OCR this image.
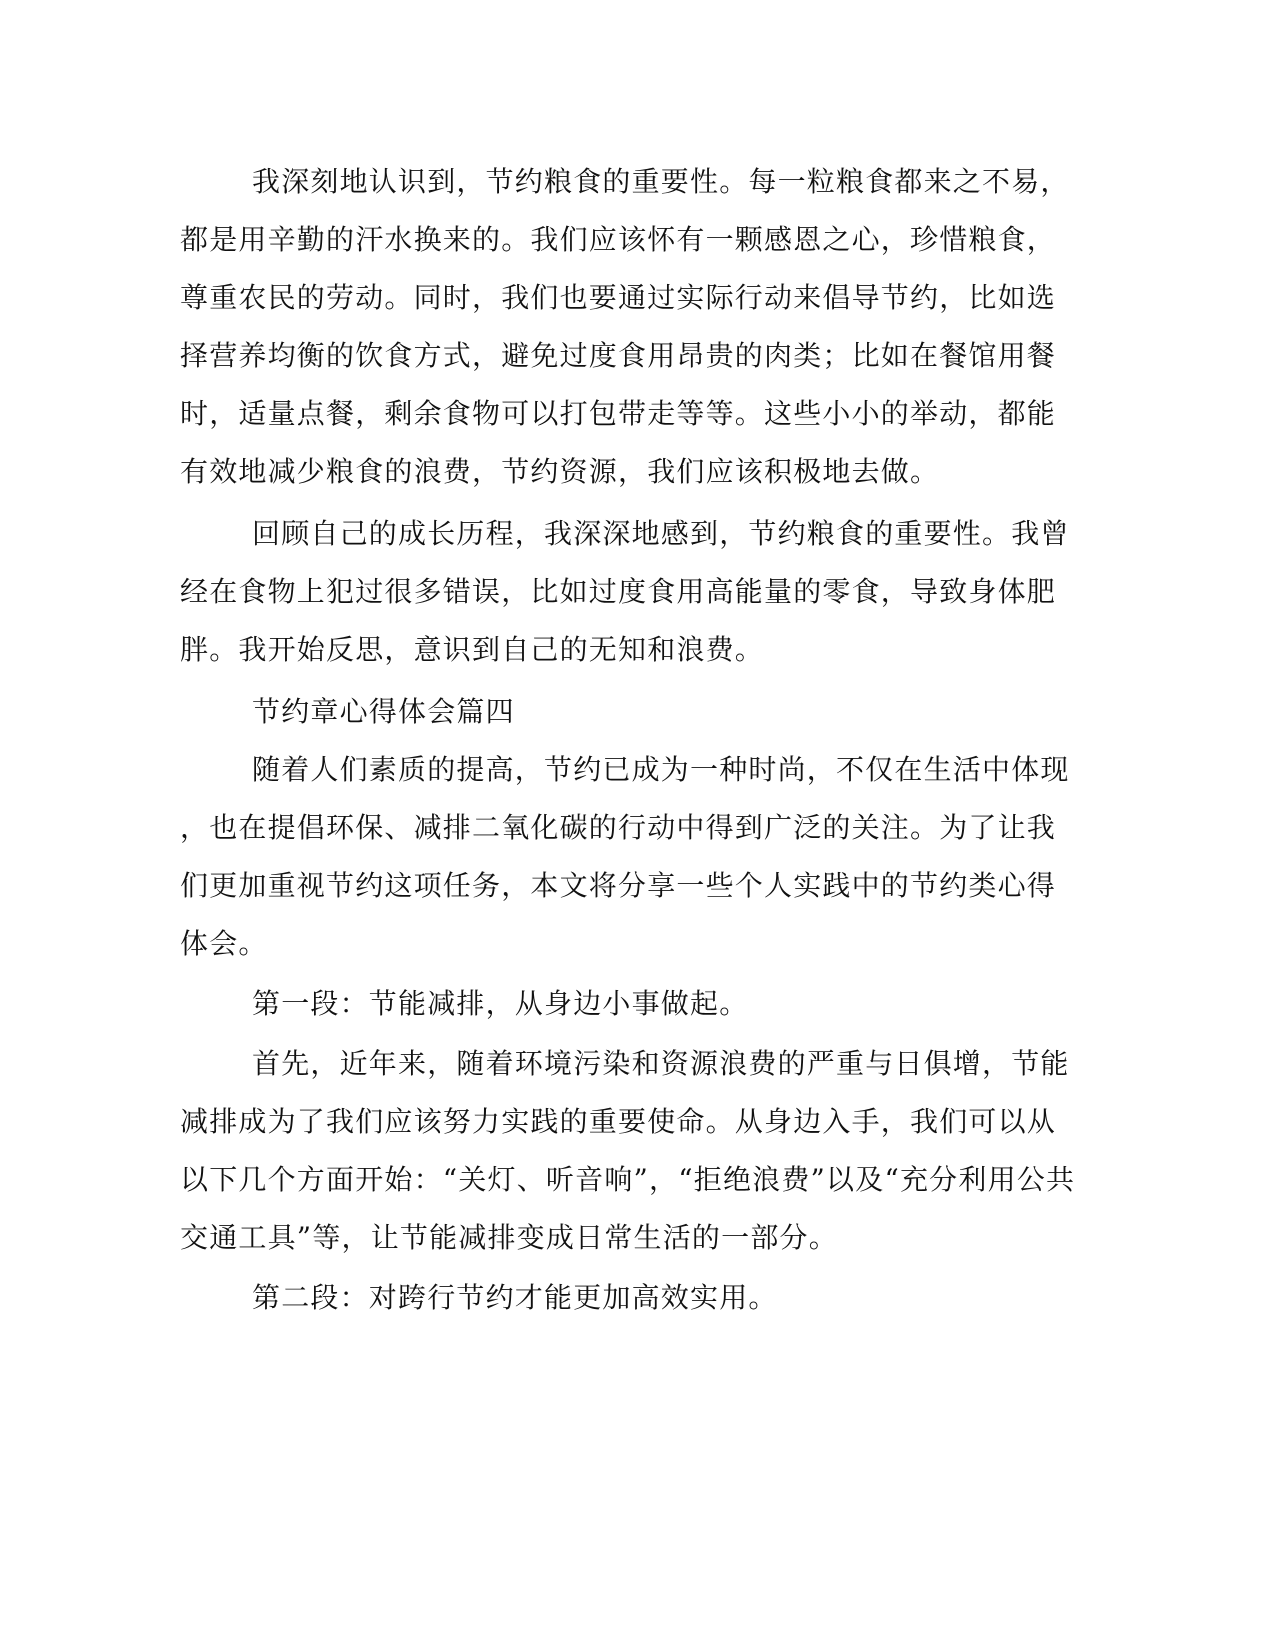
我深刻地认识到，节约粮食的重要性。每一粒粮食都来之不易，

都是用辛勤的汗水换来的。我们应该怀有一颗感恩之心，珍惜粮食，

尊重农民的劳动。同时，我们也要通过实际行动来倡导节约，比如选

择营养均衡的饮食方式，避免过度食用昂贵的肉类；比如在餐馆用餐

时，适量点餐，剩余食物可以打包带走等等。这些小小的举动，都能

有效地减少粮食的浪费，节约资源，我们应该积极地去做。

回顾自己的成长历程，我深深地感到，节约粮食的重要性。我曾

经在食物上犯过很多错误，比如过度食用高能量的零食，导致身体肥

胖。我开始反思，意识到自己的无知和浪费。

节约章心得体会篇四

随着人们素质的提高，节约已成为一种时尚，不仅在生活中体现

，也在提倡环保、减排二氧化碳的行动中得到广泛的关注。为了让我

们更加重视节约这项任务，本文将分享一些个人实践中的节约类心得

体会。

第一段：节能减排，从身边小事做起。

首先，近年来，随着环境污染和资源浪费的严重与日俱增，节能

减排成为了我们应该努力实践的重要使命。从身边入手，我们可以从

以下几个方面开始：“关灯、听音响”，“拒绝浪费”以及“充分利用公共

交通工具”等，让节能减排变成日常生活的一部分。

第二段：对跨行节约才能更加高效实用。
